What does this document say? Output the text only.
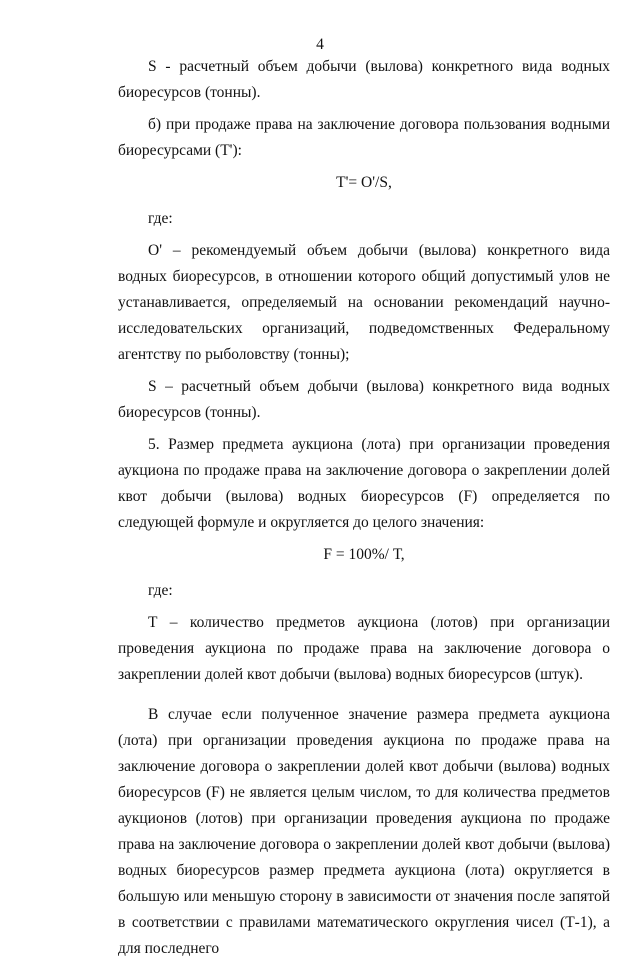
4

S - расчетный объем добычи (вылова) конкретного вида водных биоресурсов (тонны).

б) при продаже права на заключение договора пользования водными биоресурсами (Т'):

Т'= О'/S,

где:

О' – рекомендуемый объем добычи (вылова) конкретного вида водных биоресурсов, в отношении которого общий допустимый улов не устанавливается, определяемый на основании рекомендаций научно-исследовательских организаций, подведомственных Федеральному агентству по рыболовству (тонны);

S – расчетный объем добычи (вылова) конкретного вида водных биоресурсов (тонны).

5. Размер предмета аукциона (лота) при организации проведения аукциона по продаже права на заключение договора о закреплении долей квот добычи (вылова) водных биоресурсов (F) определяется по следующей формуле и округляется до целого значения:

F = 100%/ Т,

где:

Т – количество предметов аукциона (лотов) при организации проведения аукциона по продаже права на заключение договора о закреплении долей квот добычи (вылова) водных биоресурсов (штук).

В случае если полученное значение размера предмета аукциона (лота) при организации проведения аукциона по продаже права на заключение договора о закреплении долей квот добычи (вылова) водных биоресурсов (F) не является целым числом, то для количества предметов аукционов (лотов) при организации проведения аукциона по продаже права на заключение договора о закреплении долей квот добычи (вылова) водных биоресурсов размер предмета аукциона (лота) округляется в большую или меньшую сторону в зависимости от значения после запятой в соответствии с правилами математического округления чисел (Т-1), а для последнего
